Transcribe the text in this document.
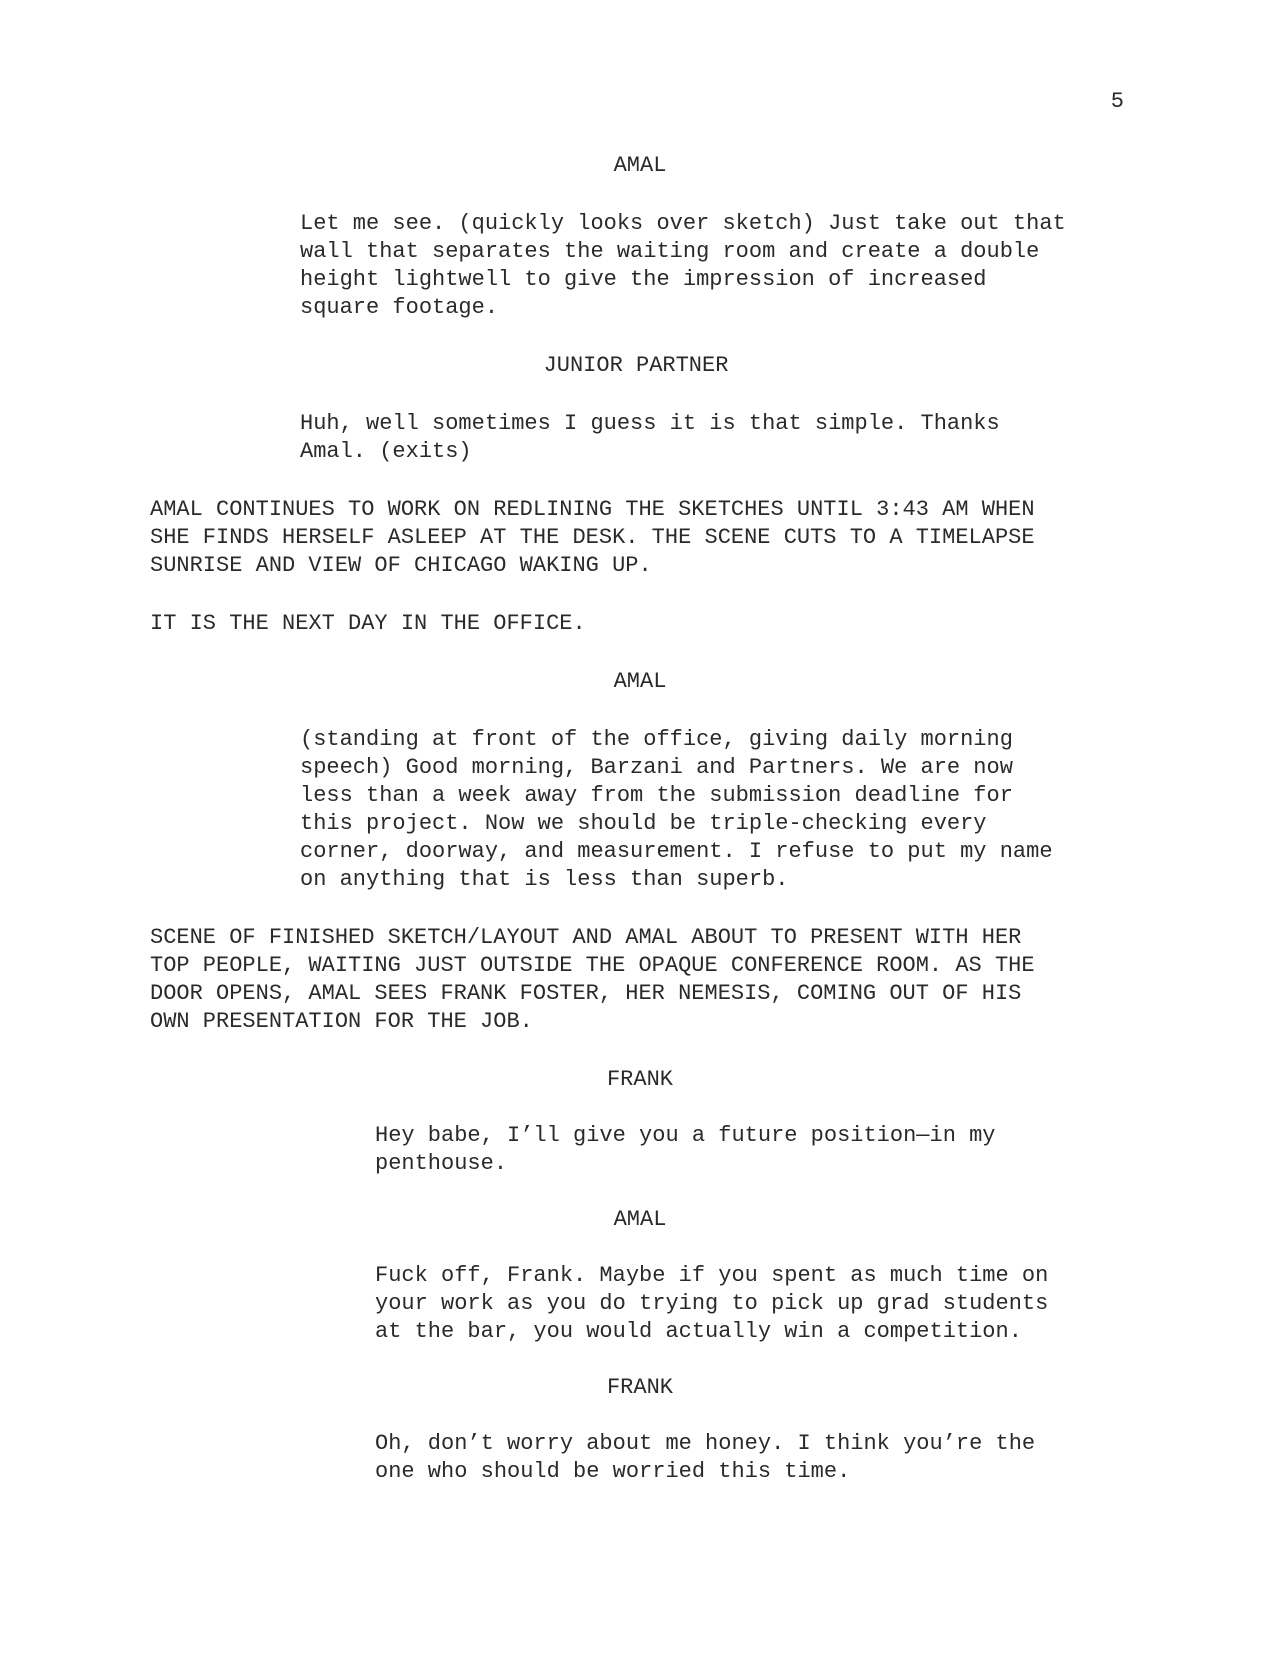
5
AMAL
Let me see. (quickly looks over sketch) Just take out that
wall that separates the waiting room and create a double
height lightwell to give the impression of increased
square footage.
JUNIOR PARTNER
Huh, well sometimes I guess it is that simple. Thanks
Amal. (exits)
AMAL CONTINUES TO WORK ON REDLINING THE SKETCHES UNTIL 3:43 AM WHEN
SHE FINDS HERSELF ASLEEP AT THE DESK. THE SCENE CUTS TO A TIMELAPSE
SUNRISE AND VIEW OF CHICAGO WAKING UP.
IT IS THE NEXT DAY IN THE OFFICE.
AMAL
(standing at front of the office, giving daily morning
speech) Good morning, Barzani and Partners. We are now
less than a week away from the submission deadline for
this project. Now we should be triple-checking every
corner, doorway, and measurement. I refuse to put my name
on anything that is less than superb.
SCENE OF FINISHED SKETCH/LAYOUT AND AMAL ABOUT TO PRESENT WITH HER
TOP PEOPLE, WAITING JUST OUTSIDE THE OPAQUE CONFERENCE ROOM. AS THE
DOOR OPENS, AMAL SEES FRANK FOSTER, HER NEMESIS, COMING OUT OF HIS
OWN PRESENTATION FOR THE JOB.
FRANK
Hey babe, I’ll give you a future position—in my
penthouse.
AMAL
Fuck off, Frank. Maybe if you spent as much time on
your work as you do trying to pick up grad students
at the bar, you would actually win a competition.
FRANK
Oh, don’t worry about me honey. I think you’re the
one who should be worried this time.
